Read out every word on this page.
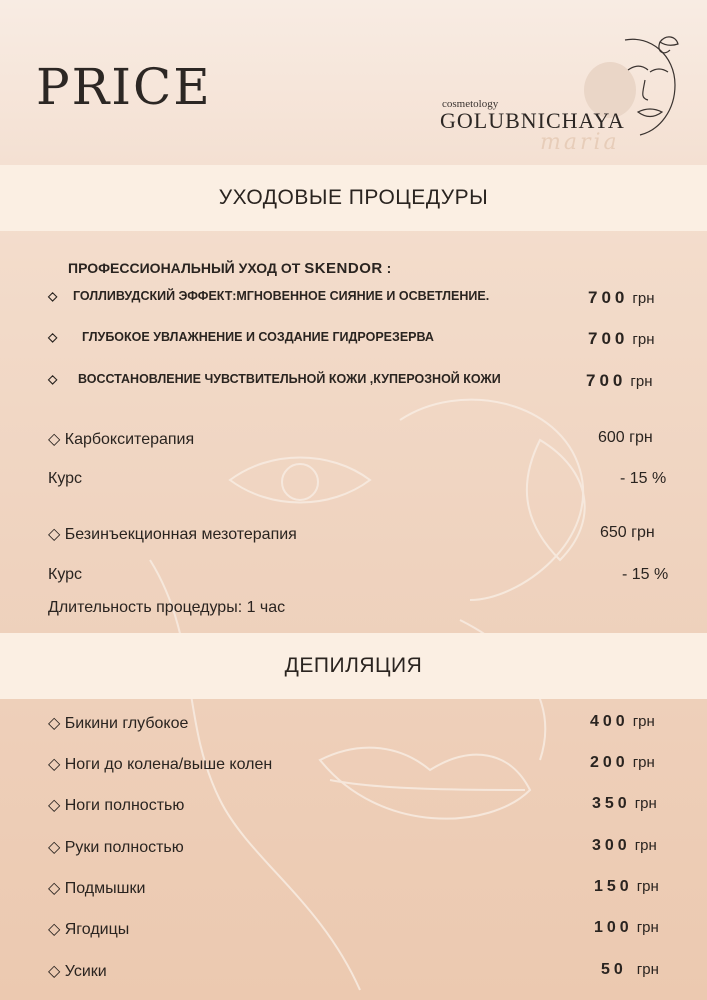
PRICE	cosmetology
GOLUBNICHAYA
maria
УХОДОВЫЕ ПРОЦЕДУРЫ
ПРОФЕССИОНАЛЬНЫЙ УХОД ОТ SKENDOR :
◇ ГОЛЛИВУДСКИЙ ЭФФЕКТ:МГНОВЕННОЕ СИЯНИЕ И ОСВЕТЛЕНИЕ.	700 грн
◇ ГЛУБОКОЕ УВЛАЖНЕНИЕ И СОЗДАНИЕ ГИДРОРЕЗЕРВА	700 грн
◇ ВОССТАНОВЛЕНИЕ ЧУВСТВИТЕЛЬНОЙ КОЖИ ,КУПЕРОЗНОЙ КОЖИ	700 грн
◇ Карбокситерапия	600 грн
Курс	- 15 %
◇ Безинъекционная мезотерапия	650 грн
Курс	- 15 %
Длительность процедуры: 1 час
ДЕПИЛЯЦИЯ
◇ Бикини глубокое	400 грн
◇ Ноги до колена/выше колен	200 грн
◇ Ноги полностью	350 грн
◇ Руки полностью	300 грн
◇ Подмышки	150 грн
◇ Ягодицы	100 грн
◇ Усики	50 грн
